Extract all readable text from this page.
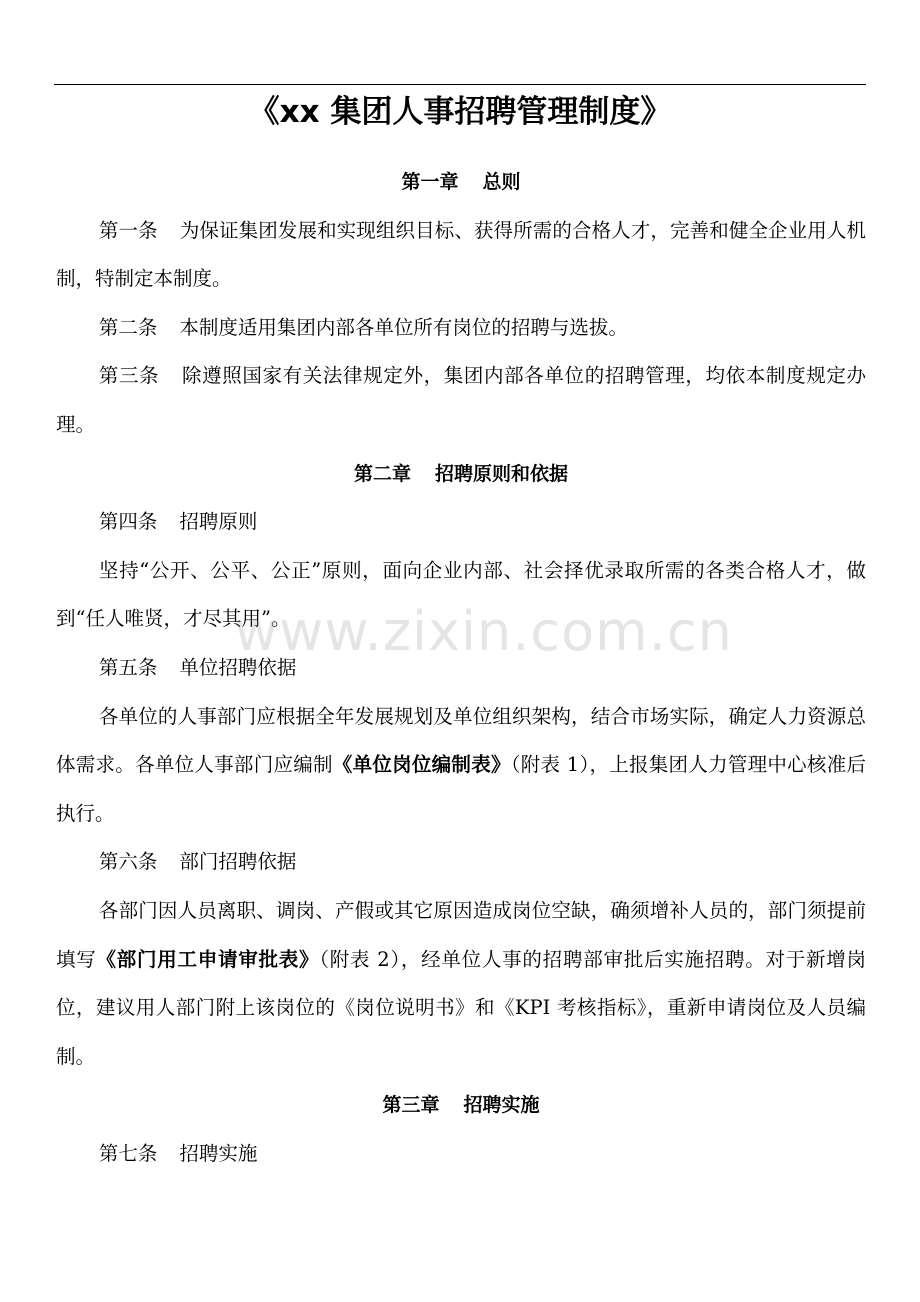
《xx 集团人事招聘管理制度》

第一章 总则

第一条 为保证集团发展和实现组织目标、获得所需的合格人才，完善和健全企业用人机制，特制定本制度。

第二条 本制度适用集团内部各单位所有岗位的招聘与选拔。

第三条 除遵照国家有关法律规定外，集团内部各单位的招聘管理，均依本制度规定办理。

第二章 招聘原则和依据

第四条 招聘原则

坚持“公开、公平、公正”原则，面向企业内部、社会择优录取所需的各类合格人才，做到“任人唯贤，才尽其用”。

第五条 单位招聘依据

各单位的人事部门应根据全年发展规划及单位组织架构，结合市场实际，确定人力资源总体需求。各单位人事部门应编制《单位岗位编制表》（附表 1），上报集团人力管理中心核准后执行。

第六条 部门招聘依据

各部门因人员离职、调岗、产假或其它原因造成岗位空缺，确须增补人员的，部门须提前填写《部门用工申请审批表》（附表 2），经单位人事的招聘部审批后实施招聘。对于新增岗位，建议用人部门附上该岗位的《岗位说明书》和《KPI 考核指标》，重新申请岗位及人员编制。

第三章 招聘实施

第七条 招聘实施

www.zixin.com.cn
